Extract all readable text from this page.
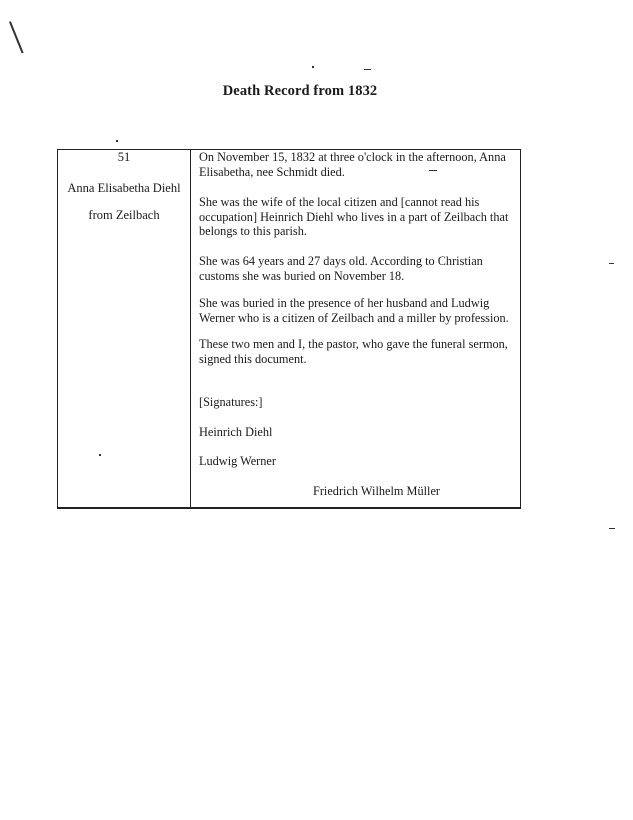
Death Record from 1832
51
Anna Elisabetha Diehl
from Zeilbach

On November 15, 1832 at three o'clock in the afternoon, Anna Elisabetha, nee Schmidt died.

She was the wife of the local citizen and [cannot read his occupation] Heinrich Diehl who lives in a part of Zeilbach that belongs to this parish.

She was 64 years and 27 days old. According to Christian customs she was buried on November 18.

She was buried in the presence of her husband and Ludwig Werner who is a citizen of Zeilbach and a miller by profession.

These two men and I, the pastor, who gave the funeral sermon, signed this document.

[Signatures:]

Heinrich Diehl

Ludwig Werner

Friedrich Wilhelm Müller
